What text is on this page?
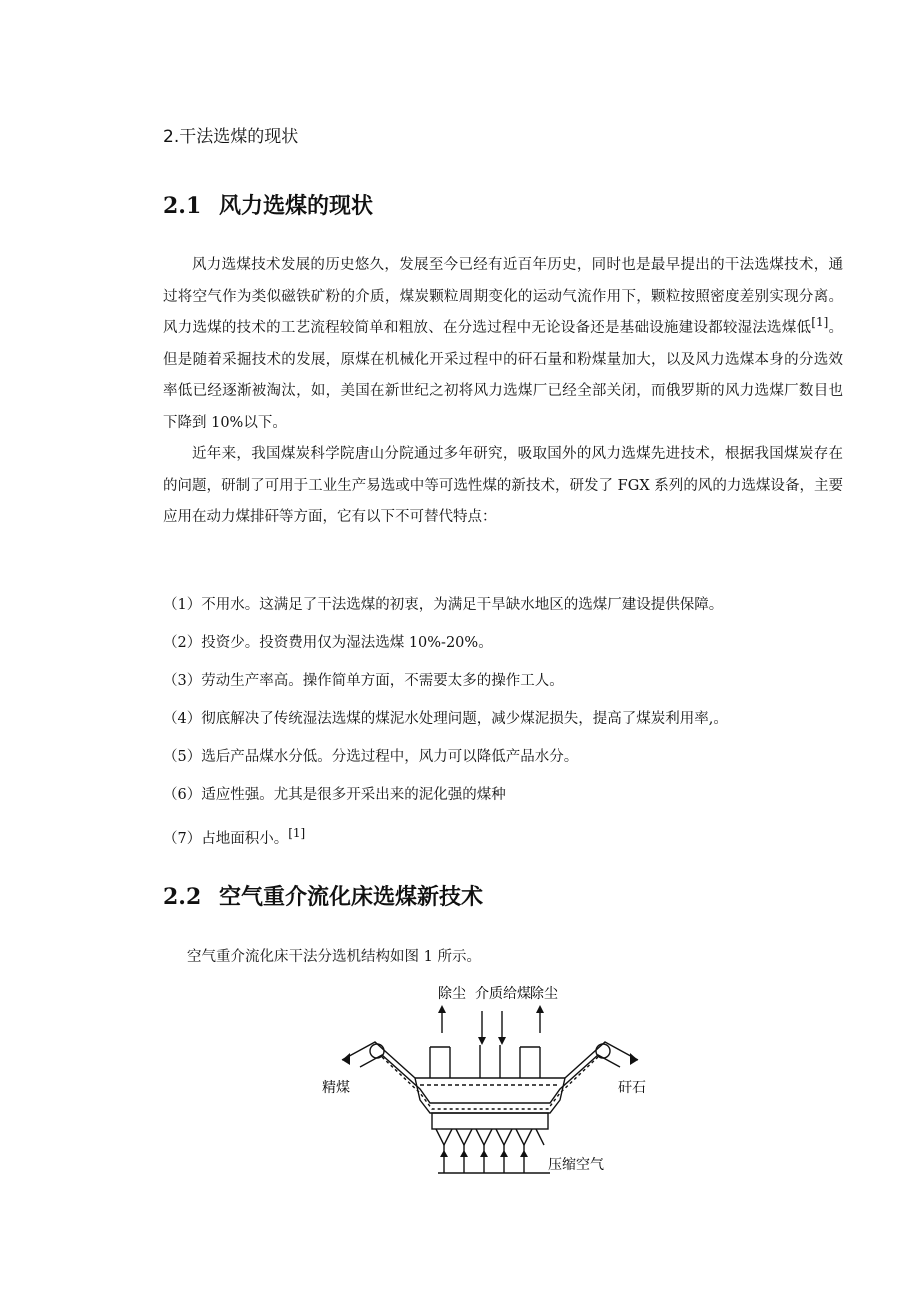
2.干法选煤的现状
2.1 风力选煤的现状

风力选煤技术发展的历史悠久，发展至今已经有近百年历史，同时也是最早提出的干法选煤技术，通过将空气作为类似磁铁矿粉的介质，煤炭颗粒周期变化的运动气流作用下，颗粒按照密度差别实现分离。风力选煤的技术的工艺流程较简单和粗放、在分选过程中无论设备还是基础设施建设都较湿法选煤低[1]。但是随着采掘技术的发展，原煤在机械化开采过程中的矸石量和粉煤量加大，以及风力选煤本身的分选效率低已经逐渐被淘汰，如，美国在新世纪之初将风力选煤厂已经全部关闭，而俄罗斯的风力选煤厂数目也下降到 10%以下。

近年来，我国煤炭科学院唐山分院通过多年研究，吸取国外的风力选煤先进技术，根据我国煤炭存在的问题，研制了可用于工业生产易选或中等可选性煤的新技术，研发了 FGX 系列的风的力选煤设备，主要应用在动力煤排矸等方面，它有以下不可替代特点：

（1）不用水。这满足了干法选煤的初衷，为满足干旱缺水地区的选煤厂建设提供保障。
（2）投资少。投资费用仅为湿法选煤 10%-20%。
（3）劳动生产率高。操作简单方面，不需要太多的操作工人。
（4）彻底解决了传统湿法选煤的煤泥水处理问题，减少煤泥损失，提高了煤炭利用率,。
（5）选后产品煤水分低。分选过程中，风力可以降低产品水分。
（6）适应性强。尤其是很多开采出来的泥化强的煤种
（7）占地面积小。[1]
2.2 空气重介流化床选煤新技术
空气重介流化床干法分选机结构如图 1 所示。
除尘 介质 给煤 除尘
精煤	矸石
压缩空气
